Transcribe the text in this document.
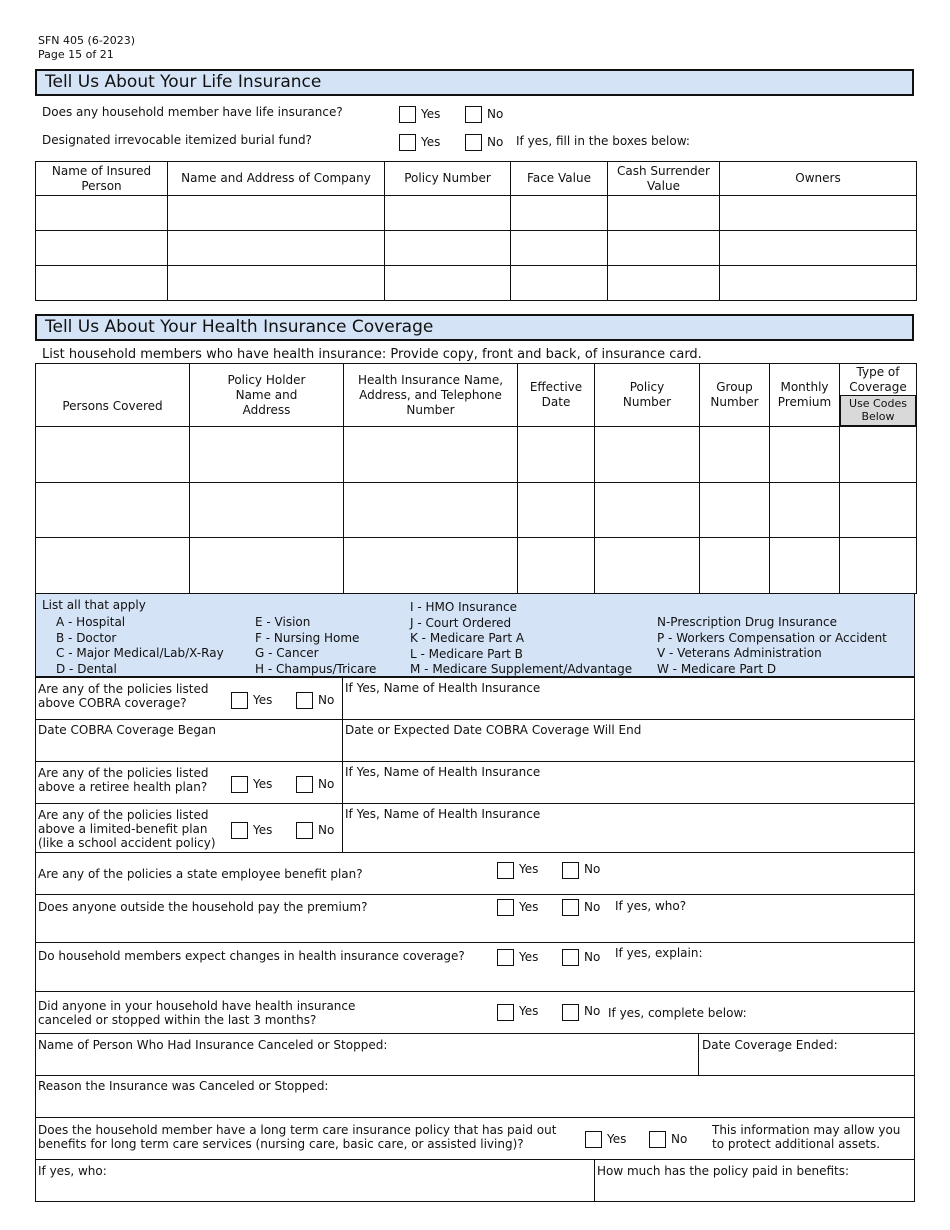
SFN 405 (6-2023)
Page 15 of 21
Tell Us About Your Life Insurance
Does any household member have life insurance?	Yes	No
Designated irrevocable itemized burial fund?	Yes	No If yes, fill in the boxes below:
Name of Insured Person	Name and Address of Company	Policy Number	Face Value	Cash Surrender Value	Owners

Tell Us About Your Health Insurance Coverage
List household members who have health insurance: Provide copy, front and back, of insurance card.
Persons Covered	Policy Holder Name and Address	Health Insurance Name, Address, and Telephone Number	Effective Date	Policy Number	Group Number	Monthly Premium	Type of Coverage
Use Codes Below

List all that apply
A - Hospital
B - Doctor
C - Major Medical/Lab/X-Ray
D - Dental
E - Vision
F - Nursing Home
G - Cancer
H - Champus/Tricare
I - HMO Insurance
J - Court Ordered
K - Medicare Part A
L - Medicare Part B
M - Medicare Supplement/Advantage
N-Prescription Drug Insurance
P - Workers Compensation or Accident
V - Veterans Administration
W - Medicare Part D
Are any of the policies listed above COBRA coverage?	Yes	No
If Yes, Name of Health Insurance
Date COBRA Coverage Began	Date or Expected Date COBRA Coverage Will End
Are any of the policies listed above a retiree health plan?	Yes	No
If Yes, Name of Health Insurance
Are any of the policies listed above a limited-benefit plan (like a school accident policy)
Yes	No
If Yes, Name of Health Insurance
Are any of the policies a state employee benefit plan?	Yes	No
Does anyone outside the household pay the premium?	Yes	No If yes, who?
Do household members expect changes in health insurance coverage?	Yes	No If yes, explain:
Did anyone in your household have health insurance canceled or stopped within the last 3 months?
Yes	No If yes, complete below:
Name of Person Who Had Insurance Canceled or Stopped:	Date Coverage Ended:
Reason the Insurance was Canceled or Stopped:
Does the household member have a long term care insurance policy that has paid out benefits for long term care services (nursing care, basic care, or assisted living)?	Yes	No
This information may allow you to protect additional assets.
If yes, who:	How much has the policy paid in benefits:
